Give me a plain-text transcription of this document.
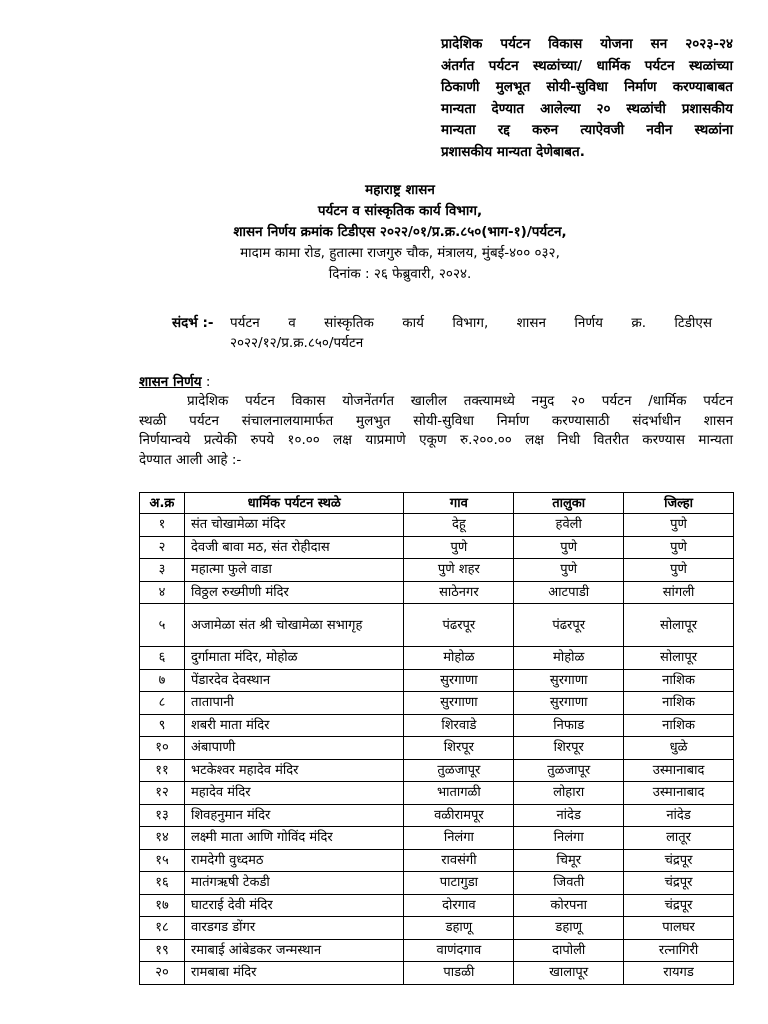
प्रादेशिक पर्यटन विकास योजना सन २०२३-२४
अंतर्गत पर्यटन स्थळांच्या/ धार्मिक पर्यटन स्थळांच्या
ठिकाणी मुलभूत सोयी-सुविधा निर्माण करण्याबाबत
मान्यता देण्यात आलेल्या २० स्थळांची प्रशासकीय
मान्यता रद्द करुन त्याऐवजी नवीन स्थळांना
प्रशासकीय मान्यता देणेबाबत.
महाराष्ट्र शासन
पर्यटन व सांस्कृतिक कार्य विभाग,
शासन निर्णय क्रमांक टिडीएस २०२२/०१/प्र.क्र.८५०(भाग-१)/पर्यटन,
मादाम कामा रोड, हुतात्मा राजगुरु चौक, मंत्रालय, मुंबई-४०० ०३२,
दिनांक : २६ फेब्रुवारी, २०२४.
संदर्भ :- पर्यटन व सांस्कृतिक कार्य विभाग, शासन निर्णय क्र. टिडीएस
२०२२/१२/प्र.क्र.८५०/पर्यटन
शासन निर्णय :
प्रादेशिक पर्यटन विकास योजनेंतर्गत खालील तक्त्यामध्ये नमुद २० पर्यटन /धार्मिक पर्यटन
स्थळी पर्यटन संचालनालयामार्फत मुलभुत सोयी-सुविधा निर्माण करण्यासाठी संदर्भाधीन शासन
निर्णयान्वये प्रत्येकी रुपये १०.०० लक्ष याप्रमाणे एकूण रु.२००.०० लक्ष निधी वितरीत करण्यास मान्यता
देण्यात आली आहे :-
अ.क्र	धार्मिक पर्यटन स्थळे	गाव	तालुका	जिल्हा
१	संत चोखामेळा मंदिर	देहू	हवेली	पुणे
२	देवजी बावा मठ, संत रोहीदास	पुणे	पुणे	पुणे
३	महात्मा फुले वाडा	पुणे शहर	पुणे	पुणे
४	विठ्ठल रुख्मीणी मंदिर	साठेनगर	आटपाडी	सांगली
५	अजामेळा संत श्री चोखामेळा सभागृह	पंढरपूर	पंढरपूर	सोलापूर
६	दुर्गामाता मंदिर, मोहोळ	मोहोळ	मोहोळ	सोलापूर
७	पेंडारदेव देवस्थान	सुरगाणा	सुरगाणा	नाशिक
८	तातापानी	सुरगाणा	सुरगाणा	नाशिक
९	शबरी माता मंदिर	शिरवाडे	निफाड	नाशिक
१०	अंबापाणी	शिरपूर	शिरपूर	धुळे
११	भटकेश्वर महादेव मंदिर	तुळजापूर	तुळजापूर	उस्मानाबाद
१२	महादेव मंदिर	भातागळी	लोहारा	उस्मानाबाद
१३	शिवहनुमान मंदिर	वळीरामपूर	नांदेड	नांदेड
१४	लक्ष्मी माता आणि गोविंद मंदिर	निलंगा	निलंगा	लातूर
१५	रामदेगी वुध्दमठ	रावसंगी	चिमूर	चंद्रपूर
१६	मातंगऋषी टेकडी	पाटागुडा	जिवती	चंद्रपूर
१७	घाटराई देवी मंदिर	दोरगाव	कोरपना	चंद्रपूर
१८	वारडगड डोंगर	डहाणू	डहाणू	पालघर
१९	रमाबाई आंबेडकर जन्मस्थान	वाणंदगाव	दापोली	रत्नागिरी
२०	रामबाबा मंदिर	पाडळी	खालापूर	रायगड
